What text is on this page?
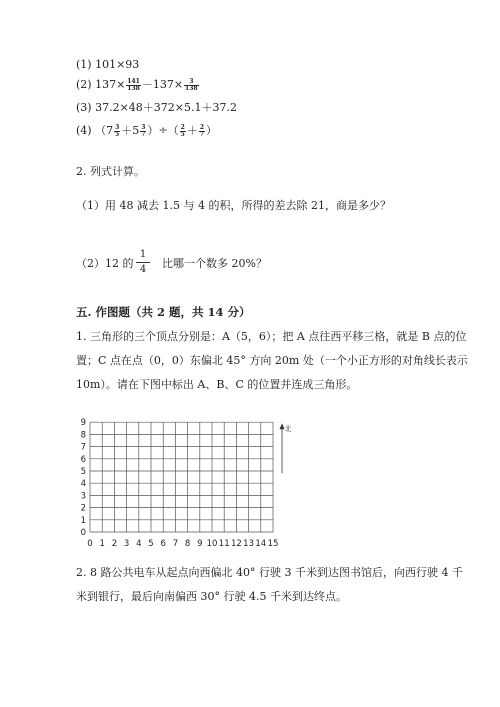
(1) 101×93
(2) $137\times \frac{141}{138} -137\times \frac{3}{138}$
(3) 37.2×48＋372×5.1＋37.2
(4) （$7 \frac{3}{5} +5 \frac{3}{7}$ ）÷（ $\frac{2}{5} + \frac{2}{7}$ ）
2. 列式计算。
（1）用 48 减去 1.5 与 4 的积，所得的差去除 21，商是多少？
（2）12 的
1
4	比哪一个数多 20%？
五. 作图题（共 2 题，共 14 分）
1. 三角形的三个顶点分别是：A（5，6）；把 A 点往西平移三格，就是 B 点的位
置；C 点在点（0，0）东偏北 45° 方向 20m 处（一个小正方形的对角线长表示
10m）。请在下图中标出 A、B、C 的位置并连成三角形。
0 1 2 3 4 5 6 7 8 9 10 11 12 13 14 15
0
1
2
3
4
5
6
7
8
9
北
2. 8 路公共电车从起点向西偏北 40° 行驶 3 千米到达图书馆后，向西行驶 4 千
米到银行，最后向南偏西 30° 行驶 4.5 千米到达终点。
